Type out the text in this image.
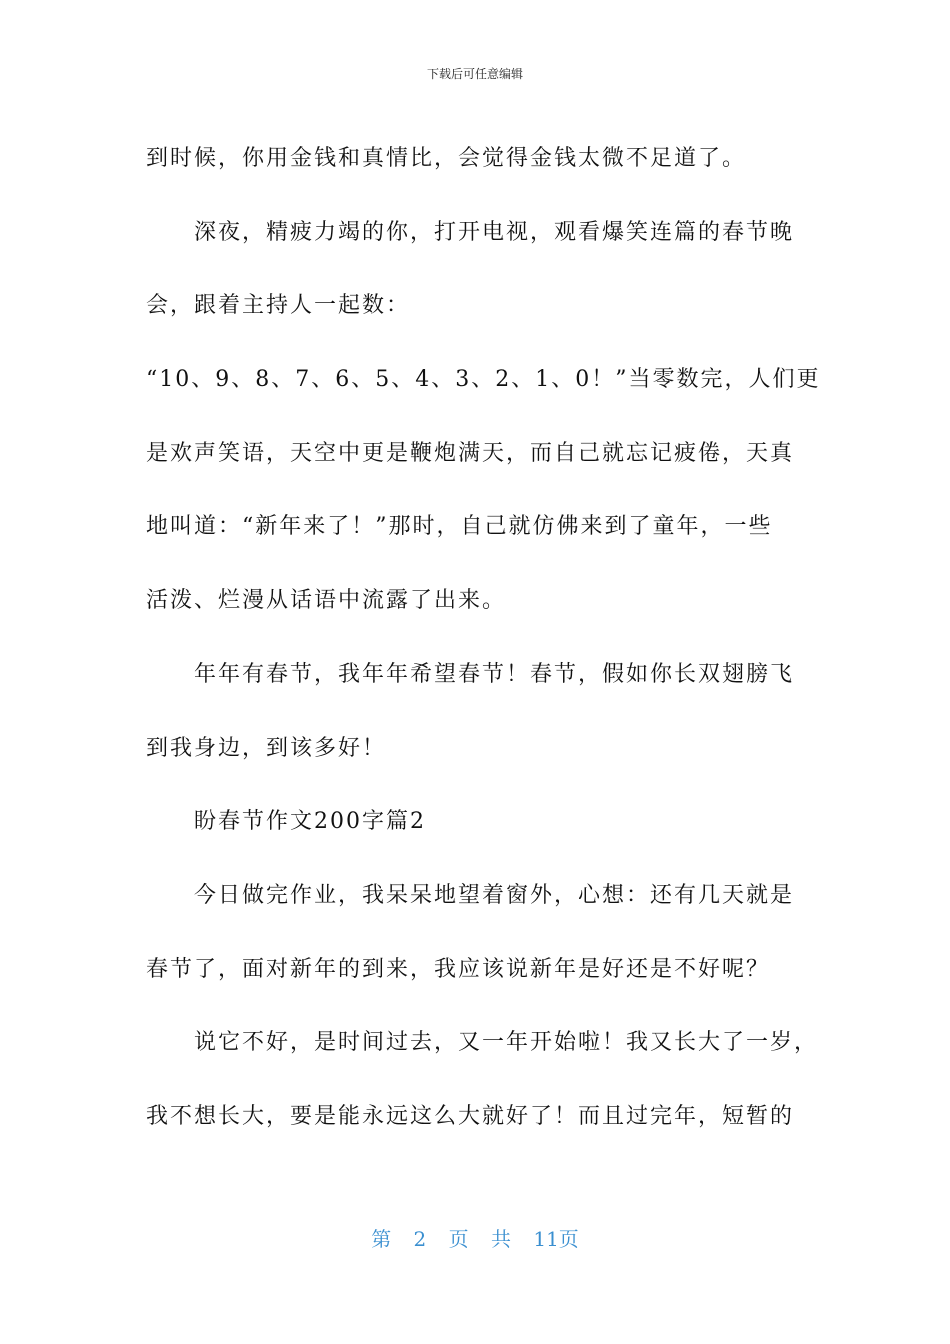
下载后可任意编辑
到时候，你用金钱和真情比，会觉得金钱太微不足道了。
深夜，精疲力竭的你，打开电视，观看爆笑连篇的春节晚
会，跟着主持人一起数：
“10、9、8、7、6、5、4、3、2、1、0！”当零数完，人们更
是欢声笑语，天空中更是鞭炮满天，而自己就忘记疲倦，天真
地叫道：“新年来了！”那时，自己就仿佛来到了童年，一些
活泼、烂漫从话语中流露了出来。
年年有春节，我年年希望春节！春节，假如你长双翅膀飞
到我身边，到该多好！
盼春节作文200字篇2
今日做完作业，我呆呆地望着窗外，心想：还有几天就是
春节了，面对新年的到来，我应该说新年是好还是不好呢？
说它不好，是时间过去，又一年开始啦！我又长大了一岁，
我不想长大，要是能永远这么大就好了！而且过完年，短暂的
第 2 页 共 11页
